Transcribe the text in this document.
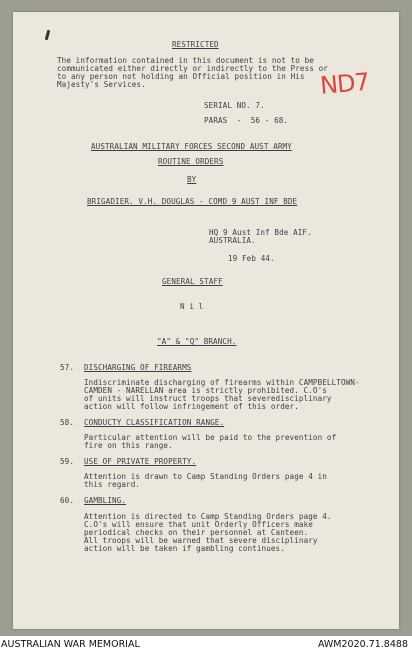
RESTRICTED
The information contained in this document is not to be
communicated either directly or indirectly to the Press or
to any person not holding an Official position in His
Majesty's Services.	ND7
SERIAL NO. 7.
PARAS  -  56 - 68.
AUSTRALIAN MILITARY FORCES SECOND AUST ARMY
ROUTINE ORDERS
BY
BRIGADIER. V.H. DOUGLAS - COMD 9 AUST INF BDE
HQ 9 Aust Inf Bde AIF.
AUSTRALIA.
19 Feb 44.
GENERAL STAFF
N i l
"A" & "Q" BRANCH.
57. DISCHARGING OF FIREARMS
Indiscriminate discharging of firearms within CAMPBELLTOWN-
CAMDEN - NARELLAN area is strictly prohibited. C.O's
of units will instruct troops that severedisciplinary
action will follow infringement of this order.
58. CONDUCTY CLASSIFICATION RANGE.
Particular attention will be paid to the prevention of
fire on this range.
59. USE OF PRIVATE PROPERTY.
Attention is drawn to Camp Standing Orders page 4 in
this regard.
60. GAMBLING.
Attention is directed to Camp Standing Orders page 4.
C.O's will ensure that unit Orderly Officers make
periodical checks on their personnel at Canteen.
All troops will be warned that severe disciplinary
action will be taken if gambling continues.
AUSTRALIAN WAR MEMORIAL	AWM2020.71.8488
